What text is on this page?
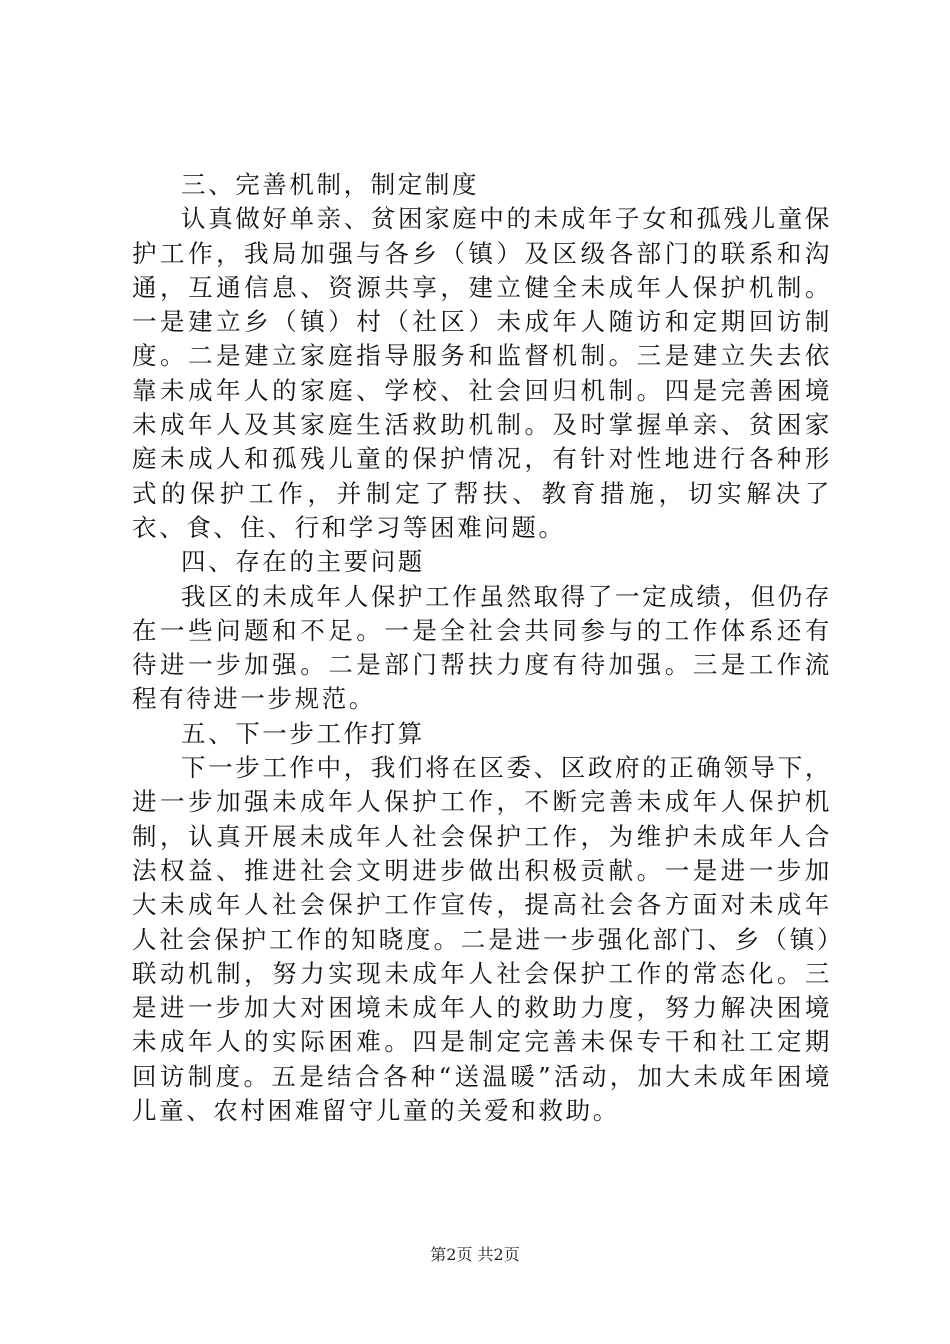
三、完善机制，制定制度

认真做好单亲、贫困家庭中的未成年子女和孤残儿童保护工作，我局加强与各乡（镇）及区级各部门的联系和沟通，互通信息、资源共享，建立健全未成年人保护机制。一是建立乡（镇）村（社区）未成年人随访和定期回访制度。二是建立家庭指导服务和监督机制。三是建立失去依靠未成年人的家庭、学校、社会回归机制。四是完善困境未成年人及其家庭生活救助机制。及时掌握单亲、贫困家庭未成人和孤残儿童的保护情况，有针对性地进行各种形式的保护工作，并制定了帮扶、教育措施，切实解决了衣、食、住、行和学习等困难问题。

四、存在的主要问题

我区的未成年人保护工作虽然取得了一定成绩，但仍存在一些问题和不足。一是全社会共同参与的工作体系还有待进一步加强。二是部门帮扶力度有待加强。三是工作流程有待进一步规范。

五、下一步工作打算

下一步工作中，我们将在区委、区政府的正确领导下，进一步加强未成年人保护工作，不断完善未成年人保护机制，认真开展未成年人社会保护工作，为维护未成年人合法权益、推进社会文明进步做出积极贡献。一是进一步加大未成年人社会保护工作宣传，提高社会各方面对未成年人社会保护工作的知晓度。二是进一步强化部门、乡（镇）联动机制，努力实现未成年人社会保护工作的常态化。三是进一步加大对困境未成年人的救助力度，努力解决困境未成年人的实际困难。四是制定完善未保专干和社工定期回访制度。五是结合各种“送温暖”活动，加大未成年困境儿童、农村困难留守儿童的关爱和救助。

第2页 共2页
